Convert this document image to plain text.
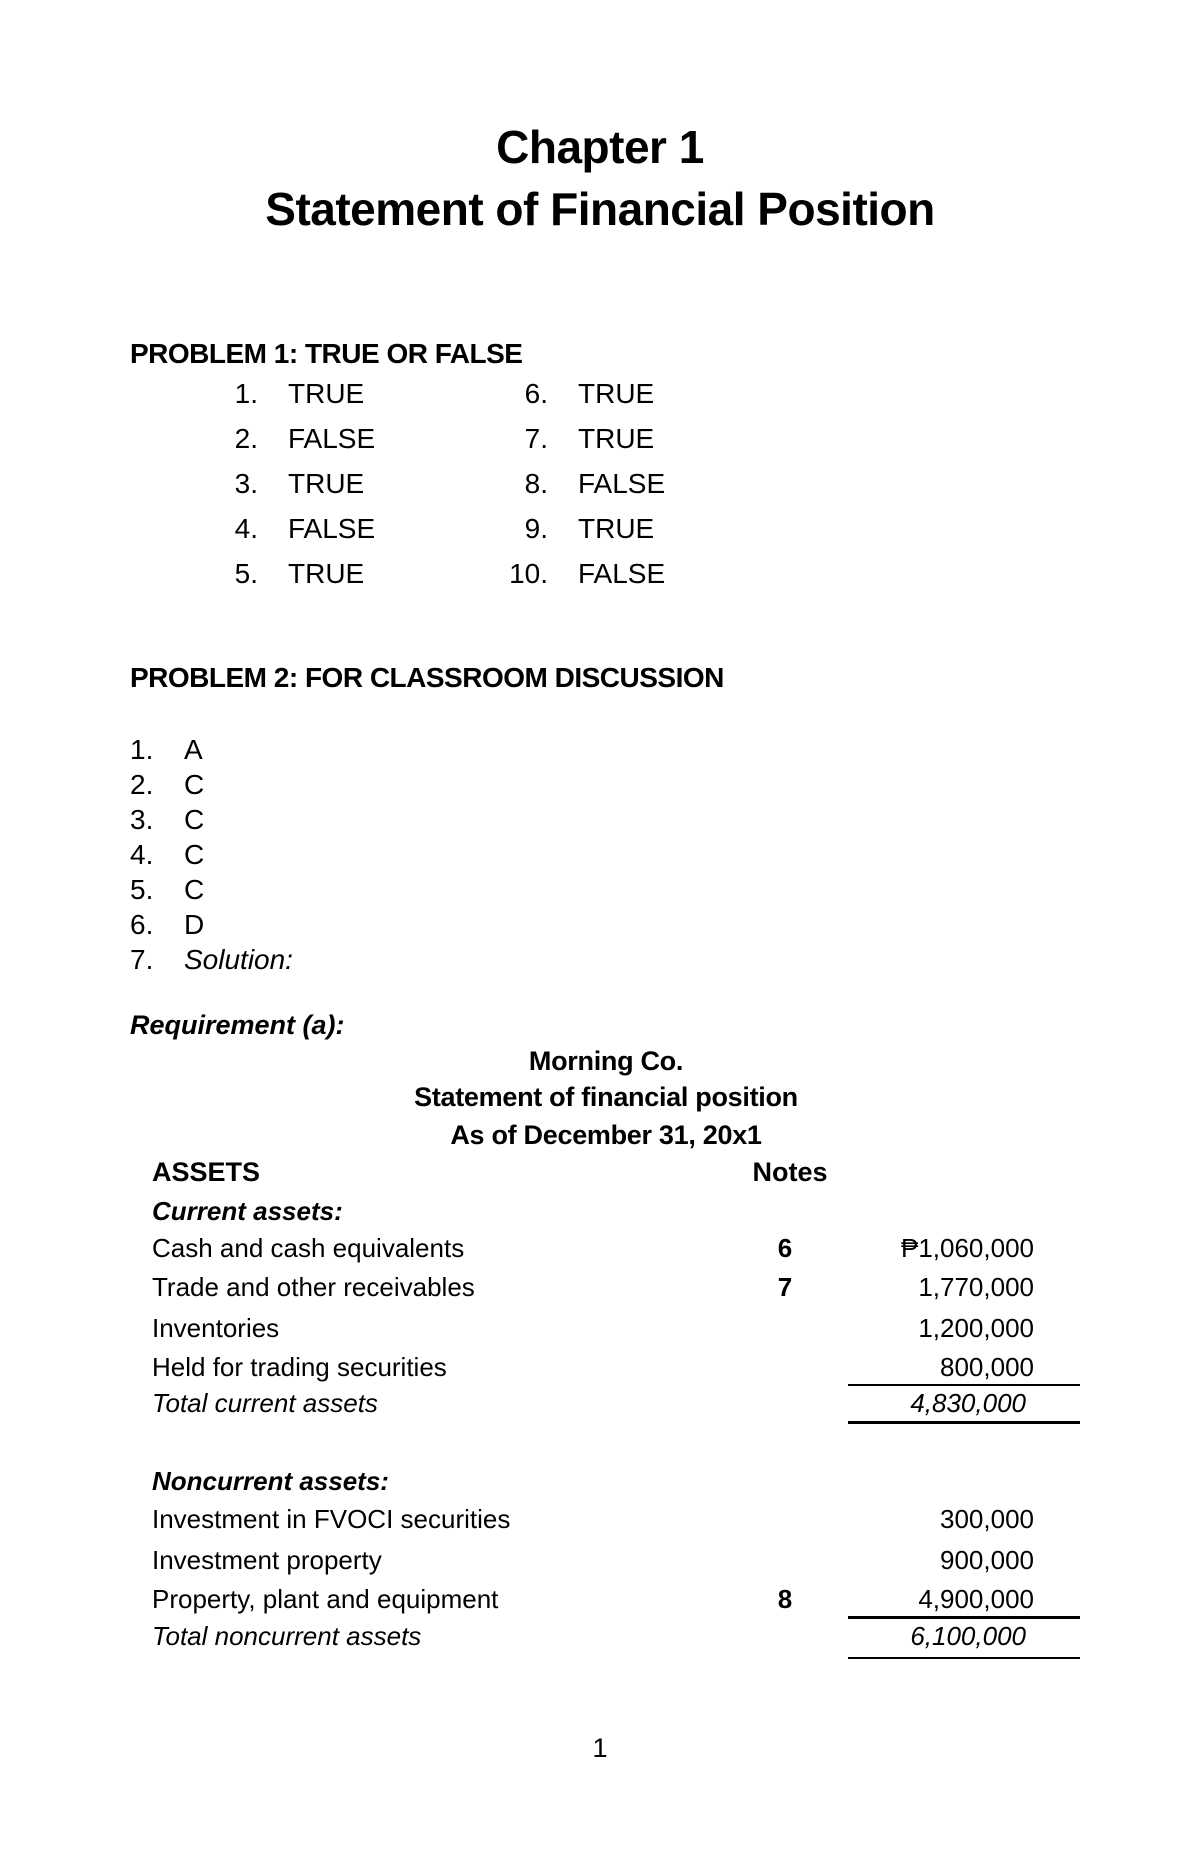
Chapter 1
Statement of Financial Position
PROBLEM 1: TRUE OR FALSE
1. TRUE
2. FALSE
3. TRUE
4. FALSE
5. TRUE
6. TRUE
7. TRUE
8. FALSE
9. TRUE
10. FALSE
PROBLEM 2: FOR CLASSROOM DISCUSSION
1.	A
2.	C
3.	C
4.	C
5.	C
6.	D
7.	Solution:
Requirement (a):
Morning Co.
Statement of financial position
As of December 31, 20x1
ASSETS	Notes
Current assets:
Cash and cash equivalents	6	₱1,060,000
Trade and other receivables	7	1,770,000
Inventories	1,200,000
Held for trading securities	800,000
Total current assets	4,830,000
Noncurrent assets:
Investment in FVOCI securities	300,000
Investment property	900,000
Property, plant and equipment	8	4,900,000
Total noncurrent assets	6,100,000
1
